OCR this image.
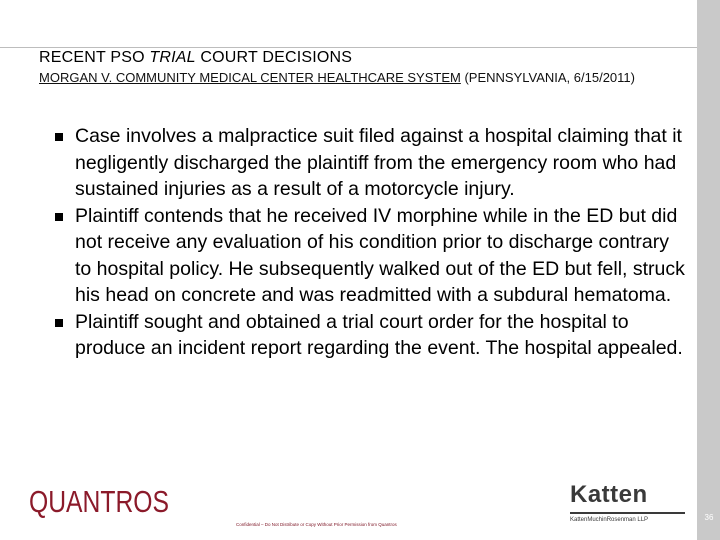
RECENT PSO TRIAL COURT DECISIONS
MORGAN V. COMMUNITY MEDICAL CENTER HEALTHCARE SYSTEM (PENNSYLVANIA, 6/15/2011)
Case involves a malpractice suit filed against a hospital claiming that it negligently discharged the plaintiff from the emergency room who had sustained injuries as a result of a motorcycle injury.
Plaintiff contends that he received IV morphine while in the ED but did not receive any evaluation of his condition prior to discharge contrary to hospital policy. He subsequently walked out of the ED but fell, struck his head on concrete and was readmitted with a subdural hematoma.
Plaintiff sought and obtained a trial court order for the hospital to produce an incident report regarding the event. The hospital appealed.
QUANTROS	Katten
KattenMuchinRosenman LLP
Confidential – Do Not Distribute or Copy Without Prior Permission from Quantros
36
